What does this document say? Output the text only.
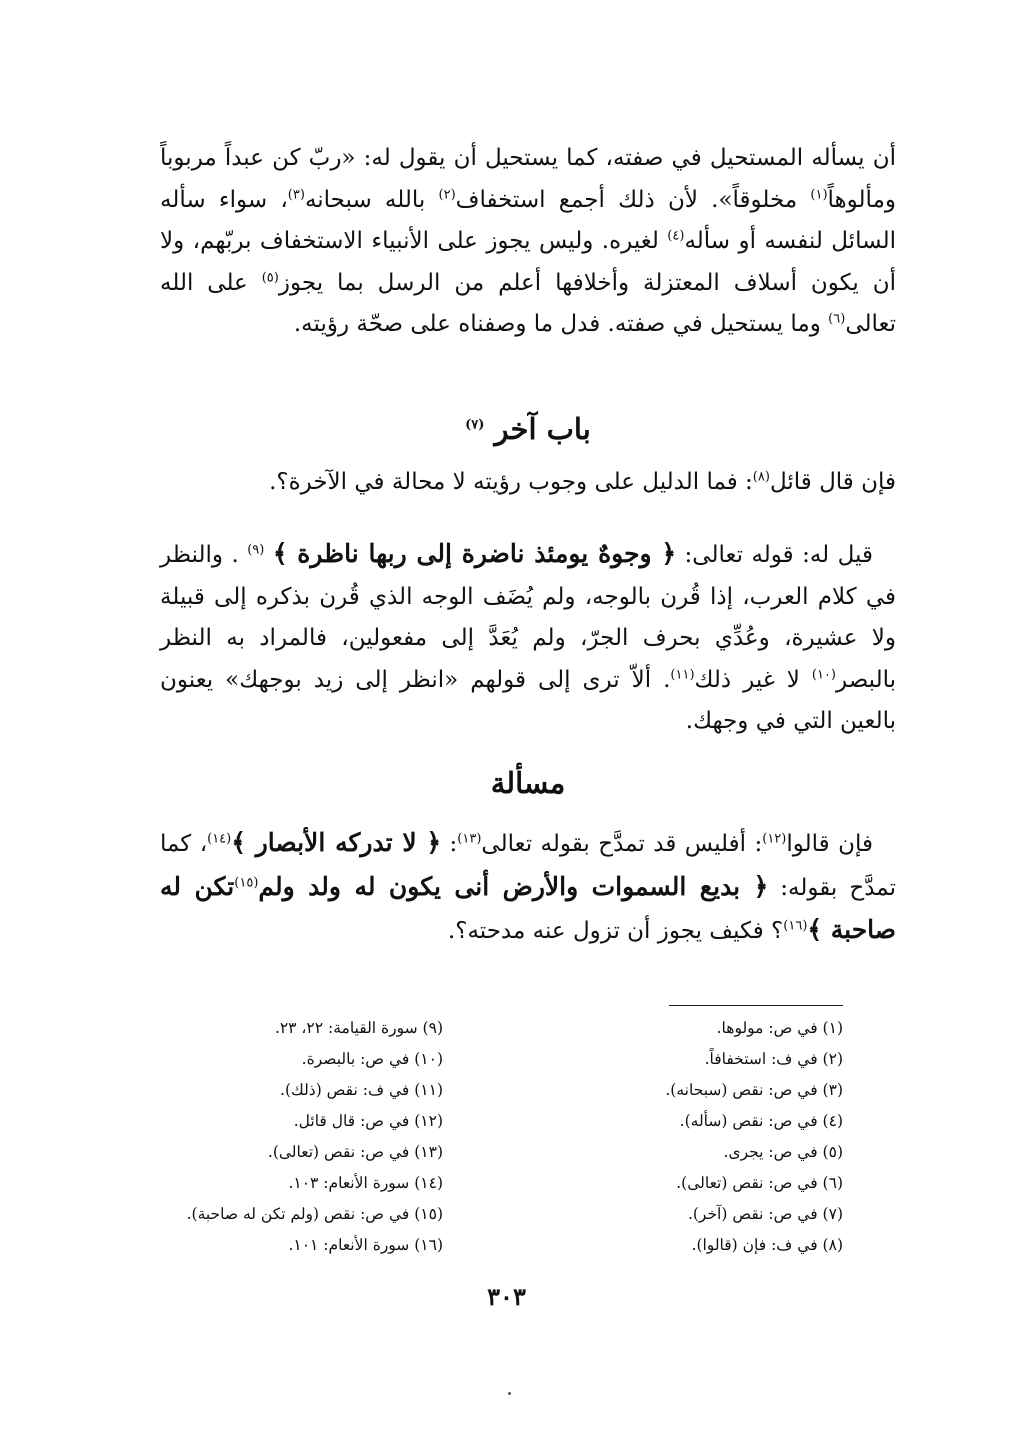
أن يسأله المستحيل في صفته، كما يستحيل أن يقول له: «ربّ كن عبداً مربوباً ومألوهاً$^{(١)}$ مخلوقاً». لأن ذلك أجمع استخفاف$^{(٢)}$ بالله سبحانه$^{(٣)}$، سواء سأله السائل لنفسه أو سأله$^{(٤)}$ لغيره. وليس يجوز على الأنبياء الاستخفاف بربّهم، ولا أن يكون أسلاف المعتزلة وأخلافها أعلم من الرسل بما يجوز$^{(٥)}$ على الله تعالى$^{(٦)}$ وما يستحيل في صفته. فدل ما وصفناه على صحّة رؤيته.

باب آخر $^{(٧)}$

فإن قال قائل$^{(٨)}$: فما الدليل على وجوب رؤيته لا محالة في الآخرة؟.

 قيل له: قوله تعالى: ﴿ وجوهٌ يومئذ ناضرة إلى ربها ناظرة ﴾ $^{(٩)}$ . والنظر في كلام العرب، إذا قُرن بالوجه، ولم يُضَف الوجه الذي قُرن بذكره إلى قبيلة ولا عشيرة، وعُدِّي بحرف الجرّ، ولم يُعَدَّ إلى مفعولين، فالمراد به النظر بالبصر$^{(١٠)}$ لا غير ذلك$^{(١١)}$. ألاّ ترى إلى قولهم «انظر إلى زيد بوجهك» يعنون بالعين التي في وجهك.

مسألة

 فإن قالوا$^{(١٢)}$: أفليس قد تمدَّح بقوله تعالى$^{(١٣)}$: ﴿ لا تدركه الأبصار ﴾$^{(١٤)}$، كما تمدَّح بقوله: ﴿ بديع السموات والأرض أنى يكون له ولد ولم$^{(١٥)}$تكن له صاحبة ﴾$^{(١٦)}$؟ فكيف يجوز أن تزول عنه مدحته؟.

(١) في ص: مولوها.
(٢) في ف: استخفافاً.
(٣) في ص: نقص (سبحانه).
(٤) في ص: نقص (سأله).
(٥) في ص: يجرى.
(٦) في ص: نقص (تعالى).
(٧) في ص: نقص (آخر).
(٨) في ف: فإن (قالوا).
(٩) سورة القيامة: ٢٢، ٢٣.
(١٠) في ص: بالبصرة.
(١١) في ف: نقص (ذلك).
(١٢) في ص: قال قائل.
(١٣) في ص: نقص (تعالى).
(١٤) سورة الأنعام: ١٠٣.
(١٥) في ص: نقص (ولم تكن له صاحبة).
(١٦) سورة الأنعام: ١٠١.

٣٠٣
